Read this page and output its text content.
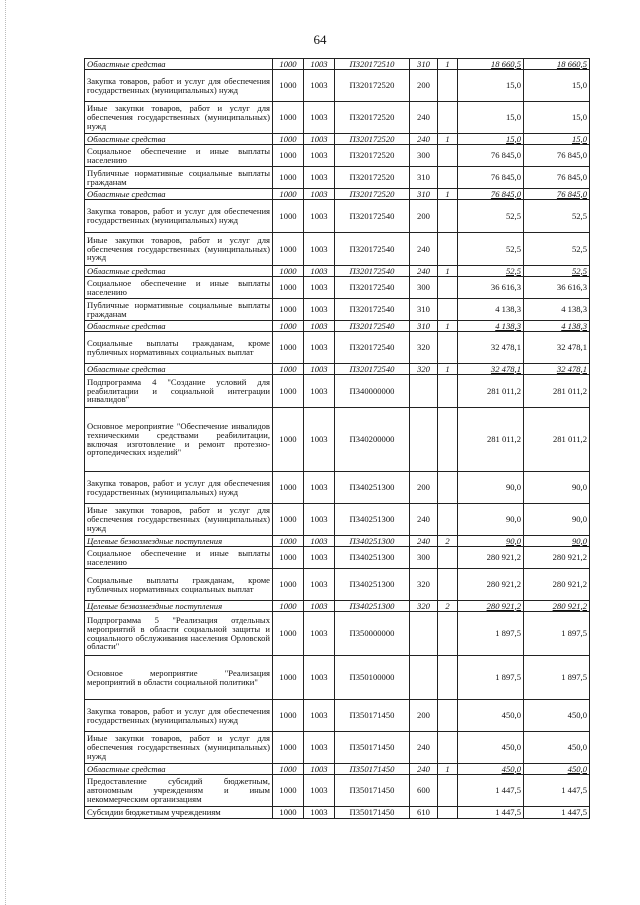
64
Областные средства	1000	1003	П320172510	310	1	18 660,5	18 660,5
Закупка товаров, работ и услуг для обеспечения государственных (муниципальных) нужд	1000	1003	П320172520	200		15,0	15,0
Иные закупки товаров, работ и услуг для обеспечения государственных (муниципальных) нужд	1000	1003	П320172520	240		15,0	15,0
Областные средства	1000	1003	П320172520	240	1	15,0	15,0
Социальное обеспечение и иные выплаты населению	1000	1003	П320172520	300		76 845,0	76 845,0
Публичные нормативные социальные выплаты гражданам	1000	1003	П320172520	310		76 845,0	76 845,0
Областные средства	1000	1003	П320172520	310	1	76 845,0	76 845,0
Закупка товаров, работ и услуг для обеспечения государственных (муниципальных) нужд	1000	1003	П320172540	200		52,5	52,5
Иные закупки товаров, работ и услуг для обеспечения государственных (муниципальных) нужд	1000	1003	П320172540	240		52,5	52,5
Областные средства	1000	1003	П320172540	240	1	52,5	52,5
Социальное обеспечение и иные выплаты населению	1000	1003	П320172540	300		36 616,3	36 616,3
Публичные нормативные социальные выплаты гражданам	1000	1003	П320172540	310		4 138,3	4 138,3
Областные средства	1000	1003	П320172540	310	1	4 138,3	4 138,3
Социальные выплаты гражданам, кроме публичных нормативных социальных выплат	1000	1003	П320172540	320		32 478,1	32 478,1
Областные средства	1000	1003	П320172540	320	1	32 478,1	32 478,1
Подпрограмма 4 "Создание условий для реабилитации и социальной интеграции инвалидов"	1000	1003	П340000000			281 011,2	281 011,2
Основное мероприятие "Обеспечение инвалидов техническими средствами реабилитации, включая изготовление и ремонт протезно-ортопедических изделий"	1000	1003	П340200000			281 011,2	281 011,2
Закупка товаров, работ и услуг для обеспечения государственных (муниципальных) нужд	1000	1003	П340251300	200		90,0	90,0
Иные закупки товаров, работ и услуг для обеспечения государственных (муниципальных) нужд	1000	1003	П340251300	240		90,0	90,0
Целевые безвозмездные поступления	1000	1003	П340251300	240	2	90,0	90,0
Социальное обеспечение и иные выплаты населению	1000	1003	П340251300	300		280 921,2	280 921,2
Социальные выплаты гражданам, кроме публичных нормативных социальных выплат	1000	1003	П340251300	320		280 921,2	280 921,2
Целевые безвозмездные поступления	1000	1003	П340251300	320	2	280 921,2	280 921,2
Подпрограмма 5 "Реализация отдельных мероприятий в области социальной защиты и социального обслуживания населения Орловской области"	1000	1003	П350000000			1 897,5	1 897,5
Основное мероприятие "Реализация мероприятий в области социальной политики"	1000	1003	П350100000			1 897,5	1 897,5
Закупка товаров, работ и услуг для обеспечения государственных (муниципальных) нужд	1000	1003	П350171450	200		450,0	450,0
Иные закупки товаров, работ и услуг для обеспечения государственных (муниципальных) нужд	1000	1003	П350171450	240		450,0	450,0
Областные средства	1000	1003	П350171450	240	1	450,0	450,0
Предоставление субсидий бюджетным, автономным учреждениям и иным некоммерческим организациям	1000	1003	П350171450	600		1 447,5	1 447,5
Субсидии бюджетным учреждениям	1000	1003	П350171450	610		1 447,5	1 447,5
